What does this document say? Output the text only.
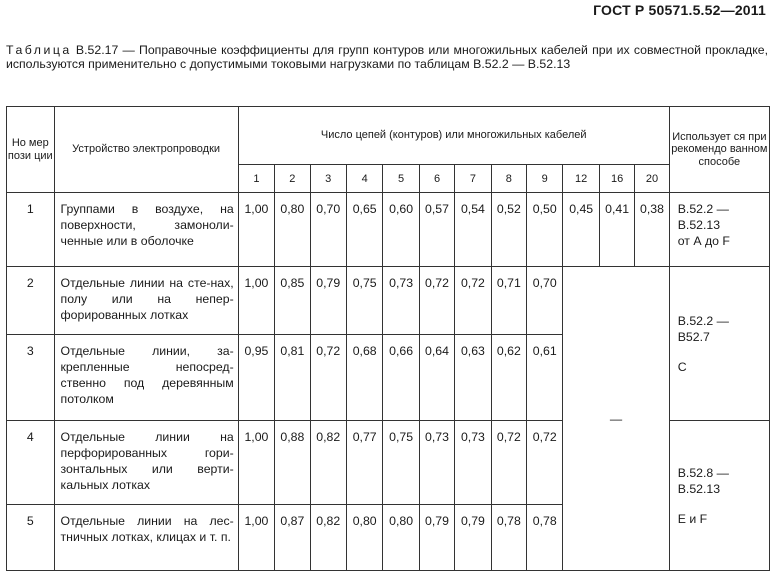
ГОСТ Р 50571.5.52—2011
Таблица В.52.17 — Поправочные коэффициенты для групп контуров или многожильных кабелей при их совместной прокладке, используются применительно с допустимыми токовыми нагрузками по таблицам В.52.2 — В.52.13
Но мер пози ции	Устройство электропроводки	Число цепей (контуров) или многожильных кабелей												Использует ся при рекомендо ванном способе
		1	2	3	4	5	6	7	8	9	12	16	20	
1	Группами в воздухе, на поверхности, замоноли-ченные или в оболочке	1,00	0,80	0,70	0,65	0,60	0,57	0,54	0,52	0,50	0,45	0,41	0,38	В.52.2 —
В.52.13
от А до F

2	Отдельные линии на сте-нах, полу или на непер-форированных лотках	1,00	0,85	0,79	0,75	0,73	0,72	0,72	0,71	0,70	—			В.52.2 —
В52.7
С

3	Отдельные линии, за-крепленные непосред-ственно под деревянным потолком	0,95	0,81	0,72	0,68	0,66	0,64	0,63	0,62	0,61				
4	Отдельные линии на перфорированных гори-зонтальных или верти-кальных лотках	1,00	0,88	0,82	0,77	0,75	0,73	0,73	0,72	0,72				В.52.8 —
В.52.13
Е и F

5	Отдельные линии на лес-тничных лотках, клицах и т. п.	1,00	0,87	0,82	0,80	0,80	0,79	0,79	0,78	0,78				
